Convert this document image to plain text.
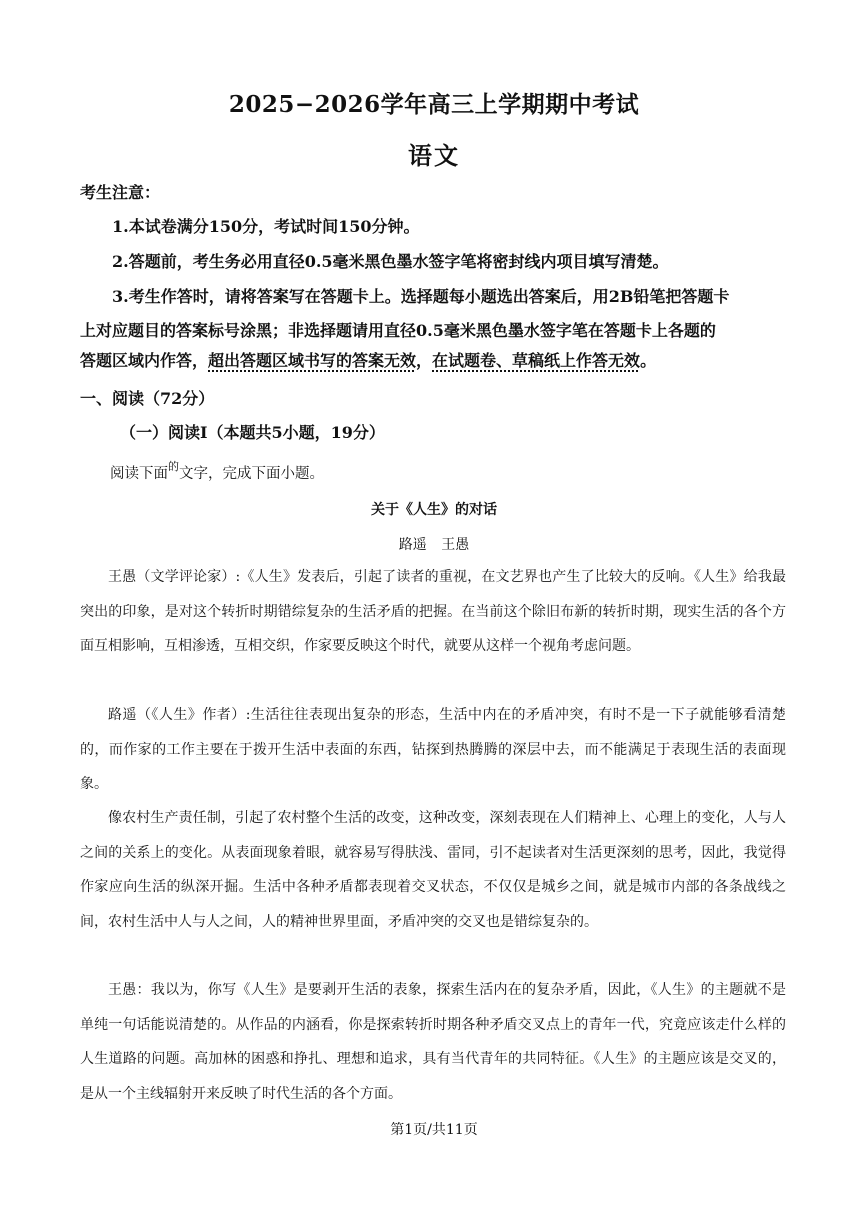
2025−2026学年高三上学期期中考试
语文
考生注意：
1.本试卷满分150分，考试时间150分钟。
2.答题前，考生务必用直径0.5毫米黑色墨水签字笔将密封线内项目填写清楚。
3.考生作答时，请将答案写在答题卡上。选择题每小题选出答案后，用2B铅笔把答题卡
上对应题目的答案标号涂黑；非选择题请用直径0.5毫米黑色墨水签字笔在答题卡上各题的
答题区域内作答，超出答题区域书写的答案无效，在试题卷、草稿纸上作答无效。
一、阅读（72分）
（一）阅读Ⅰ（本题共5小题，19分）
阅读下面$^的$文字，完成下面小题。
关于《人生》的对话
路遥 王愚

王愚（文学评论家）:《人生》发表后，引起了读者的重视，在文艺界也产生了比较大的反响。《人生》给我最突出的印象，是对这个转折时期错综复杂的生活矛盾的把握。在当前这个除旧布新的转折时期，现实生活的各个方面互相影响，互相渗透，互相交织，作家要反映这个时代，就要从这样一个视角考虑问题。

路遥（《人生》作者）:生活往往表现出复杂的形态，生活中内在的矛盾冲突，有时不是一下子就能够看清楚的，而作家的工作主要在于拨开生活中表面的东西，钻探到热腾腾的深层中去，而不能满足于表现生活的表面现象。

像农村生产责任制，引起了农村整个生活的改变，这种改变，深刻表现在人们精神上、心理上的变化，人与人之间的关系上的变化。从表面现象着眼，就容易写得肤浅、雷同，引不起读者对生活更深刻的思考，因此，我觉得作家应向生活的纵深开掘。生活中各种矛盾都表现着交叉状态，不仅仅是城乡之间，就是城市内部的各条战线之间，农村生活中人与人之间，人的精神世界里面，矛盾冲突的交叉也是错综复杂的。

王愚：我以为，你写《人生》是要剥开生活的表象，探索生活内在的复杂矛盾，因此，《人生》的主题就不是单纯一句话能说清楚的。从作品的内涵看，你是探索转折时期各种矛盾交叉点上的青年一代，究竟应该走什么样的人生道路的问题。高加林的困惑和挣扎、理想和追求，具有当代青年的共同特征。《人生》的主题应该是交叉的，是从一个主线辐射开来反映了时代生活的各个方面。

第1页/共11页
